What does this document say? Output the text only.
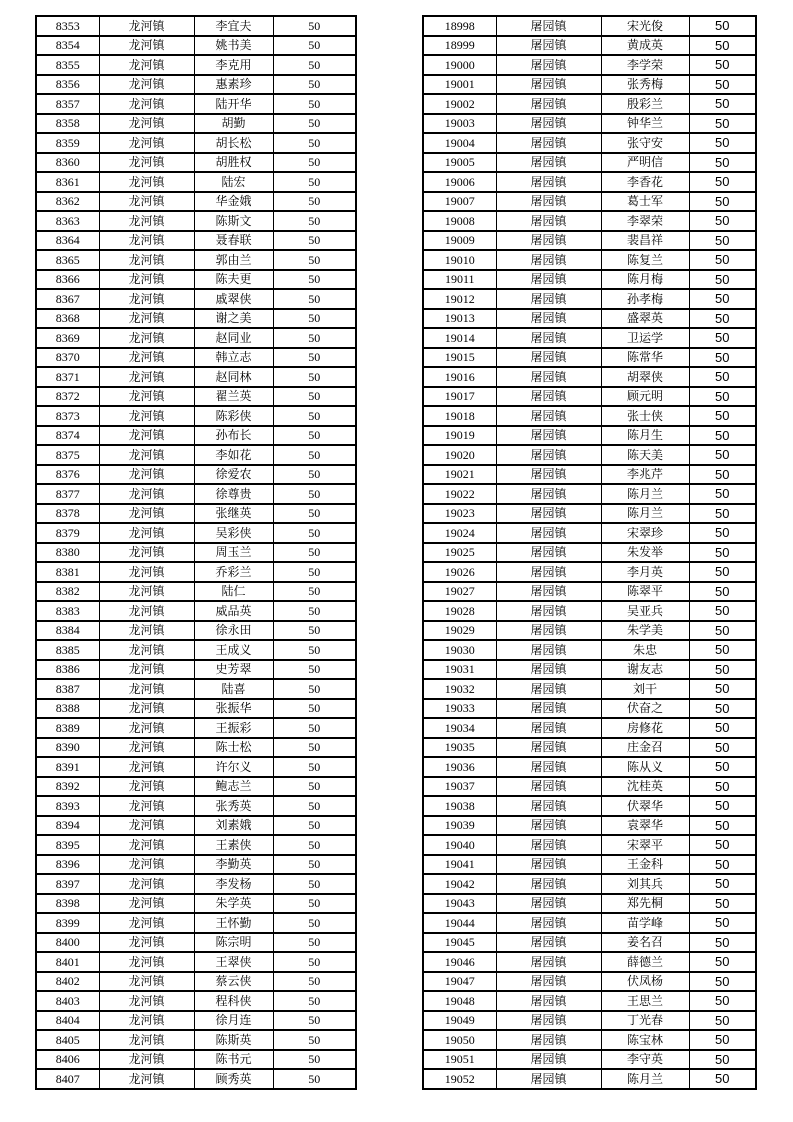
8353	龙河镇	李宜夫	50
8354	龙河镇	姚书美	50
8355	龙河镇	李克用	50
8356	龙河镇	惠素珍	50
8357	龙河镇	陆开华	50
8358	龙河镇	胡勤	50
8359	龙河镇	胡长松	50
8360	龙河镇	胡胜权	50
8361	龙河镇	陆宏	50
8362	龙河镇	华金娥	50
8363	龙河镇	陈斯文	50
8364	龙河镇	聂春联	50
8365	龙河镇	郭由兰	50
8366	龙河镇	陈夫更	50
8367	龙河镇	戚翠侠	50
8368	龙河镇	谢之美	50
8369	龙河镇	赵同业	50
8370	龙河镇	韩立志	50
8371	龙河镇	赵同林	50
8372	龙河镇	翟兰英	50
8373	龙河镇	陈彩侠	50
8374	龙河镇	孙布长	50
8375	龙河镇	李如花	50
8376	龙河镇	徐爱农	50
8377	龙河镇	徐尊贵	50
8378	龙河镇	张继英	50
8379	龙河镇	吴彩侠	50
8380	龙河镇	周玉兰	50
8381	龙河镇	乔彩兰	50
8382	龙河镇	陆仁	50
8383	龙河镇	威品英	50
8384	龙河镇	徐永田	50
8385	龙河镇	王成义	50
8386	龙河镇	史芳翠	50
8387	龙河镇	陆喜	50
8388	龙河镇	张振华	50
8389	龙河镇	王振彩	50
8390	龙河镇	陈士松	50
8391	龙河镇	许尔义	50
8392	龙河镇	鲍志兰	50
8393	龙河镇	张秀英	50
8394	龙河镇	刘素娥	50
8395	龙河镇	王素侠	50
8396	龙河镇	李勤英	50
8397	龙河镇	李发杨	50
8398	龙河镇	朱学英	50
8399	龙河镇	王怀勤	50
8400	龙河镇	陈宗明	50
8401	龙河镇	王翠侠	50
8402	龙河镇	蔡云侠	50
8403	龙河镇	程科侠	50
8404	龙河镇	徐月连	50
8405	龙河镇	陈斯英	50
8406	龙河镇	陈书元	50
8407	龙河镇	顾秀英	50
18998	屠园镇	宋光俊	50
18999	屠园镇	黄成英	50
19000	屠园镇	李学荣	50
19001	屠园镇	张秀梅	50
19002	屠园镇	殷彩兰	50
19003	屠园镇	钟华兰	50
19004	屠园镇	张守安	50
19005	屠园镇	严明信	50
19006	屠园镇	李香花	50
19007	屠园镇	葛士军	50
19008	屠园镇	李翠荣	50
19009	屠园镇	裴昌祥	50
19010	屠园镇	陈复兰	50
19011	屠园镇	陈月梅	50
19012	屠园镇	孙孝梅	50
19013	屠园镇	盛翠英	50
19014	屠园镇	卫运学	50
19015	屠园镇	陈常华	50
19016	屠园镇	胡翠侠	50
19017	屠园镇	顾元明	50
19018	屠园镇	张士侠	50
19019	屠园镇	陈月生	50
19020	屠园镇	陈天美	50
19021	屠园镇	李兆芹	50
19022	屠园镇	陈月兰	50
19023	屠园镇	陈月兰	50
19024	屠园镇	宋翠珍	50
19025	屠园镇	朱发举	50
19026	屠园镇	李月英	50
19027	屠园镇	陈翠平	50
19028	屠园镇	吴亚兵	50
19029	屠园镇	朱学美	50
19030	屠园镇	朱忠	50
19031	屠园镇	谢友志	50
19032	屠园镇	刘干	50
19033	屠园镇	伏奋之	50
19034	屠园镇	房修花	50
19035	屠园镇	庄金召	50
19036	屠园镇	陈从义	50
19037	屠园镇	沈桂英	50
19038	屠园镇	伏翠华	50
19039	屠园镇	袁翠华	50
19040	屠园镇	宋翠平	50
19041	屠园镇	王金科	50
19042	屠园镇	刘其兵	50
19043	屠园镇	郑先桐	50
19044	屠园镇	苗学峰	50
19045	屠园镇	姜名召	50
19046	屠园镇	薛德兰	50
19047	屠园镇	伏凤杨	50
19048	屠园镇	王思兰	50
19049	屠园镇	丁光春	50
19050	屠园镇	陈宝林	50
19051	屠园镇	李守英	50
19052	屠园镇	陈月兰	50
